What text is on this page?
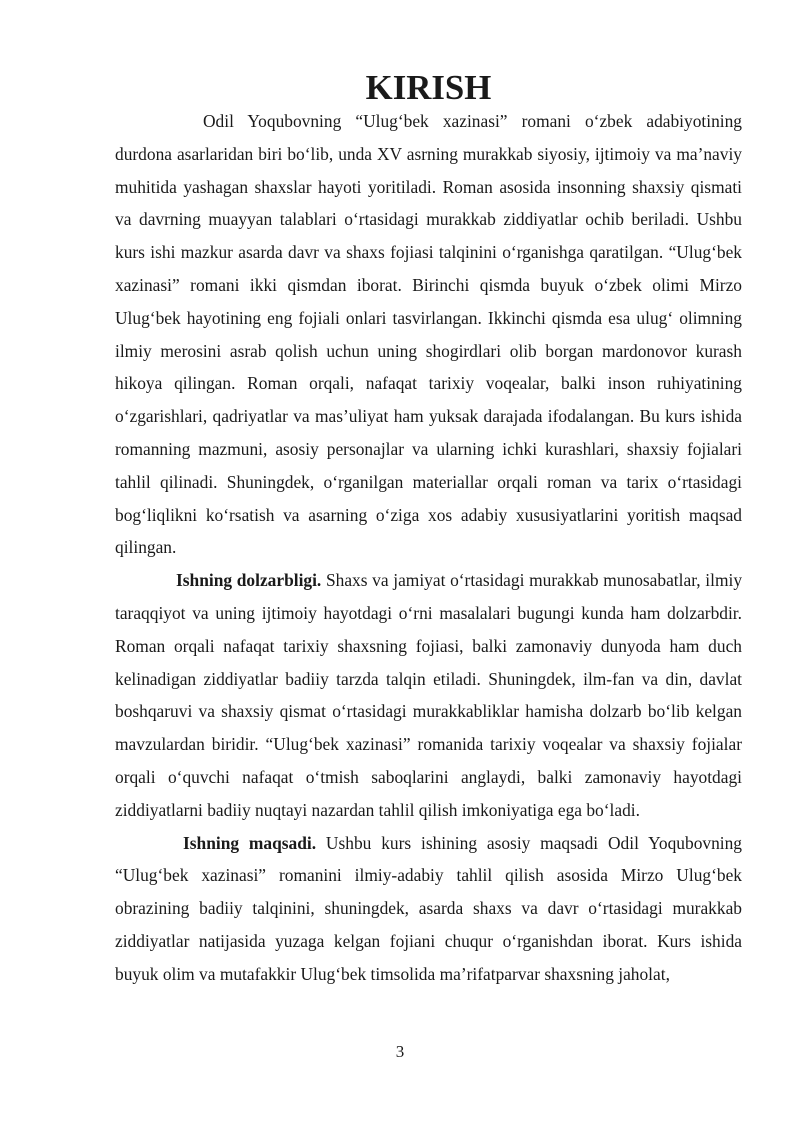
KIRISH

Odil Yoqubovning “Ulug‘bek xazinasi” romani o‘zbek adabiyotining durdona asarlaridan biri bo‘lib, unda XV asrning murakkab siyosiy, ijtimoiy va ma’naviy muhitida yashagan shaxslar hayoti yoritiladi. Roman asosida insonning shaxsiy qismati va davrning muayyan talablari o‘rtasidagi murakkab ziddiyatlar ochib beriladi. Ushbu kurs ishi mazkur asarda davr va shaxs fojiasi talqinini o‘rganishga qaratilgan. “Ulug‘bek xazinasi” romani ikki qismdan iborat. Birinchi qismda buyuk o‘zbek olimi Mirzo Ulug‘bek hayotining eng fojiali onlari tasvirlangan. Ikkinchi qismda esa ulug‘ olimning ilmiy merosini asrab qolish uchun uning shogirdlari olib borgan mardonovor kurash hikoya qilingan. Roman orqali, nafaqat tarixiy voqealar, balki inson ruhiyatining o‘zgarishlari, qadriyatlar va mas’uliyat ham yuksak darajada ifodalangan. Bu kurs ishida romanning mazmuni, asosiy personajlar va ularning ichki kurashlari, shaxsiy fojialari tahlil qilinadi. Shuningdek, o‘rganilgan materiallar orqali roman va tarix o‘rtasidagi bog‘liqlikni ko‘rsatish va asarning o‘ziga xos adabiy xususiyatlarini yoritish maqsad qilingan.

Ishning dolzarbligi. Shaxs va jamiyat o‘rtasidagi murakkab munosabatlar, ilmiy taraqqiyot va uning ijtimoiy hayotdagi o‘rni masalalari bugungi kunda ham dolzarbdir. Roman orqali nafaqat tarixiy shaxsning fojiasi, balki zamonaviy dunyoda ham duch kelinadigan ziddiyatlar badiiy tarzda talqin etiladi. Shuningdek, ilm-fan va din, davlat boshqaruvi va shaxsiy qismat o‘rtasidagi murakkabliklar hamisha dolzarb bo‘lib kelgan mavzulardan biridir. “Ulug‘bek xazinasi” romanida tarixiy voqealar va shaxsiy fojialar orqali o‘quvchi nafaqat o‘tmish saboqlarini anglaydi, balki zamonaviy hayotdagi ziddiyatlarni badiiy nuqtayi nazardan tahlil qilish imkoniyatiga ega bo‘ladi.

Ishning maqsadi. Ushbu kurs ishining asosiy maqsadi Odil Yoqubovning “Ulug‘bek xazinasi” romanini ilmiy-adabiy tahlil qilish asosida Mirzo Ulug‘bek obrazining badiiy talqinini, shuningdek, asarda shaxs va davr o‘rtasidagi murakkab ziddiyatlar natijasida yuzaga kelgan fojiani chuqur o‘rganishdan iborat. Kurs ishida buyuk olim va mutafakkir Ulug‘bek timsolida ma’rifatparvar shaxsning jaholat,

3
